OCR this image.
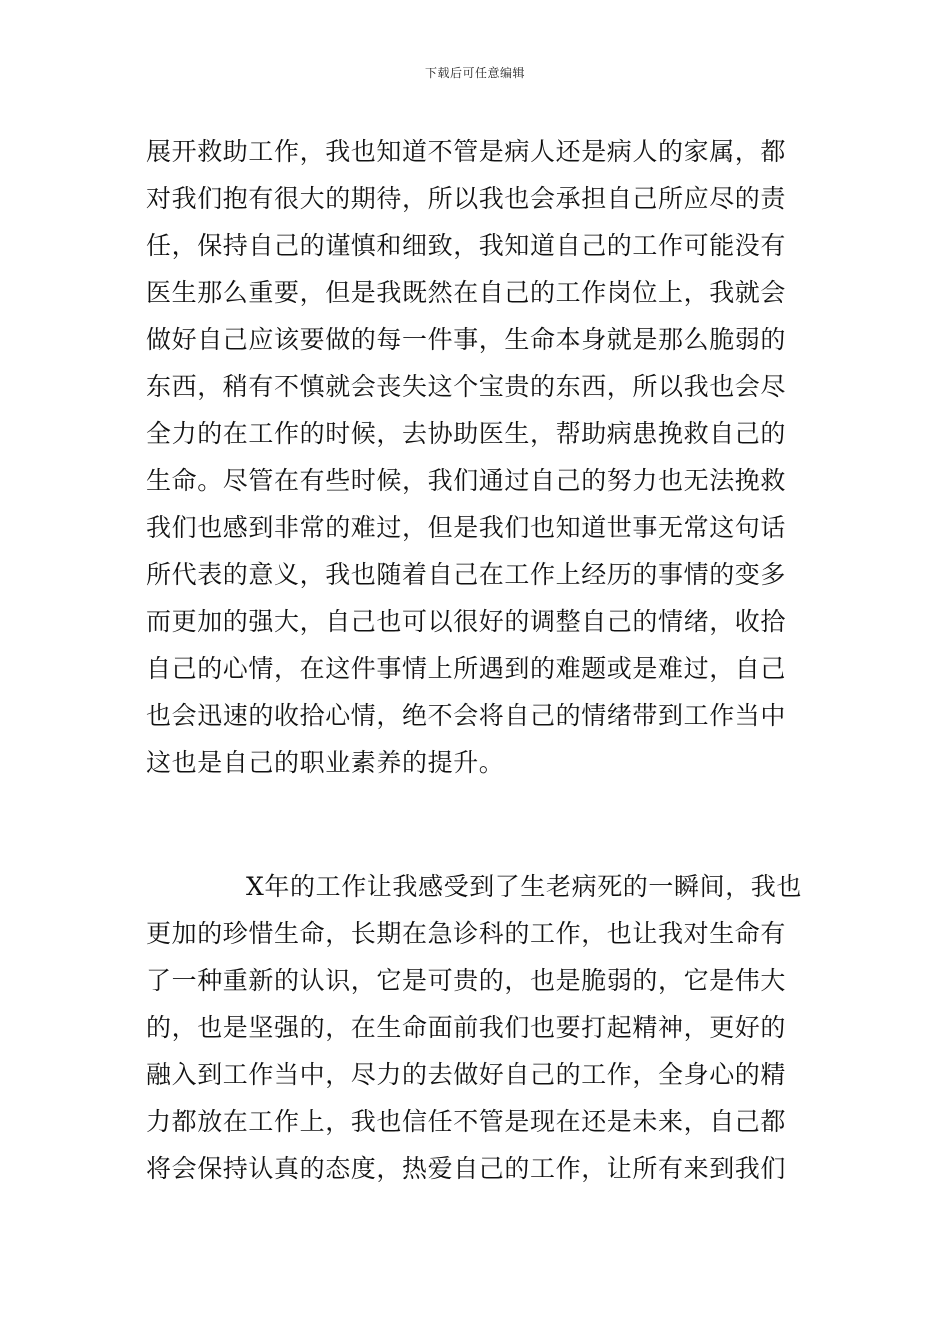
下载后可任意编辑
展开救助工作，我也知道不管是病人还是病人的家属，都
对我们抱有很大的期待，所以我也会承担自己所应尽的责
任，保持自己的谨慎和细致，我知道自己的工作可能没有
医生那么重要，但是我既然在自己的工作岗位上，我就会
做好自己应该要做的每一件事，生命本身就是那么脆弱的
东西，稍有不慎就会丧失这个宝贵的东西，所以我也会尽
全力的在工作的时候，去协助医生，帮助病患挽救自己的
生命。尽管在有些时候，我们通过自己的努力也无法挽救
我们也感到非常的难过，但是我们也知道世事无常这句话
所代表的意义，我也随着自己在工作上经历的事情的变多
而更加的强大，自己也可以很好的调整自己的情绪，收拾
自己的心情，在这件事情上所遇到的难题或是难过，自己
也会迅速的收拾心情，绝不会将自己的情绪带到工作当中
这也是自己的职业素养的提升。
X年的工作让我感受到了生老病死的一瞬间，我也
更加的珍惜生命，长期在急诊科的工作，也让我对生命有
了一种重新的认识，它是可贵的，也是脆弱的，它是伟大
的，也是坚强的，在生命面前我们也要打起精神，更好的
融入到工作当中，尽力的去做好自己的工作，全身心的精
力都放在工作上，我也信任不管是现在还是未来，自己都
将会保持认真的态度，热爱自己的工作，让所有来到我们
